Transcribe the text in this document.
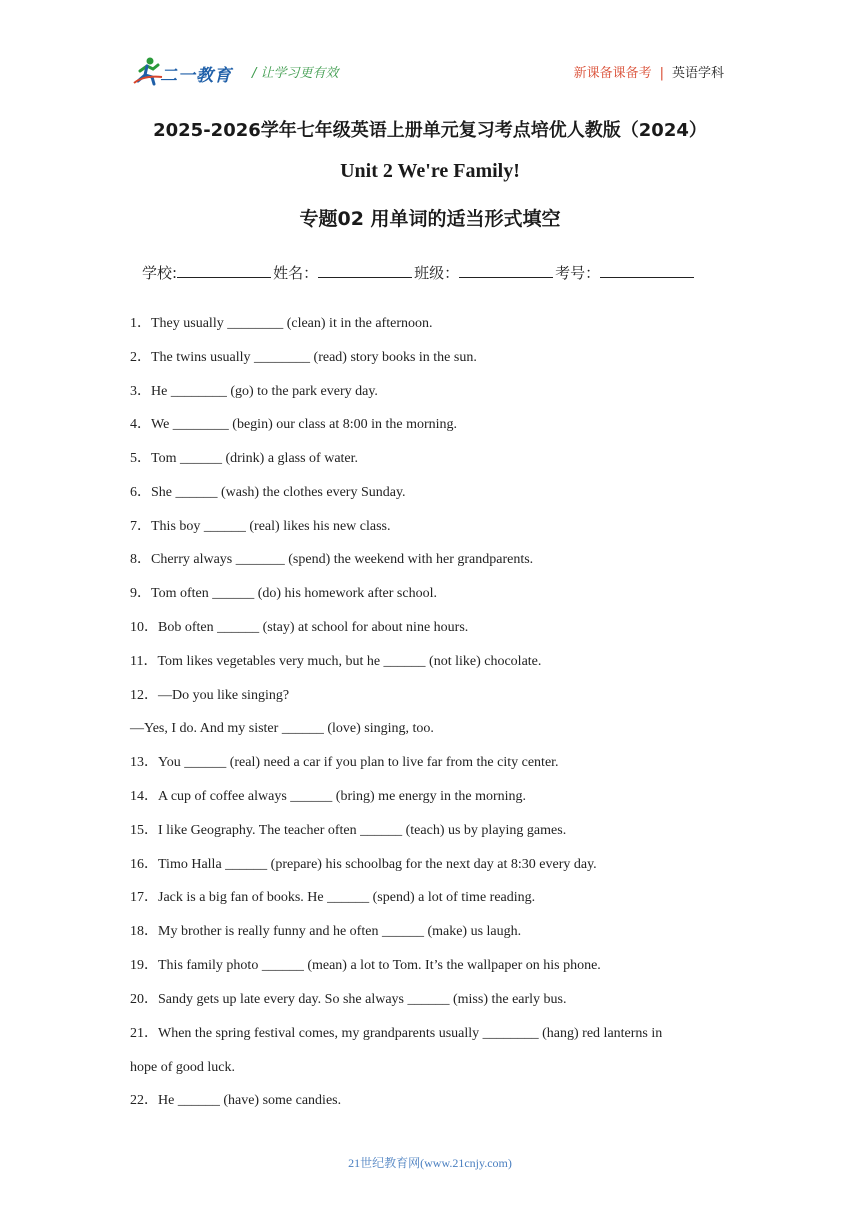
二一教育 / 让学习更有效	新课备课备考 | 英语学科
2025-2026学年七年级英语上册单元复习考点培优人教版（2024）
Unit 2 We're Family!
专题02 用单词的适当形式填空
学校:	姓名：	班级：	考号：
1．They usually ________ (clean) it in the afternoon.
2．The twins usually ________ (read) story books in the sun.
3．He ________ (go) to the park every day.
4．We ________ (begin) our class at 8:00 in the morning.
5．Tom ______ (drink) a glass of water.
6．She ______ (wash) the clothes every Sunday.
7．This boy ______ (real) likes his new class.
8．Cherry always _______ (spend) the weekend with her grandparents.
9．Tom often ______ (do) his homework after school.
10．Bob often ______ (stay) at school for about nine hours.
11．Tom likes vegetables very much, but he ______ (not like) chocolate.
12．—Do you like singing?
—Yes, I do. And my sister ______ (love) singing, too.
13．You ______ (real) need a car if you plan to live far from the city center.
14．A cup of coffee always ______ (bring) me energy in the morning.
15．I like Geography. The teacher often ______ (teach) us by playing games.
16．Timo Halla ______ (prepare) his schoolbag for the next day at 8:30 every day.
17．Jack is a big fan of books. He ______ (spend) a lot of time reading.
18．My brother is really funny and he often ______ (make) us laugh.
19．This family photo ______ (mean) a lot to Tom. It’s the wallpaper on his phone.
20．Sandy gets up late every day. So she always ______ (miss) the early bus.
21．When the spring festival comes, my grandparents usually ________ (hang) red lanterns in
hope of good luck.
22．He ______ (have) some candies.
21世纪教育网(www.21cnjy.com)
